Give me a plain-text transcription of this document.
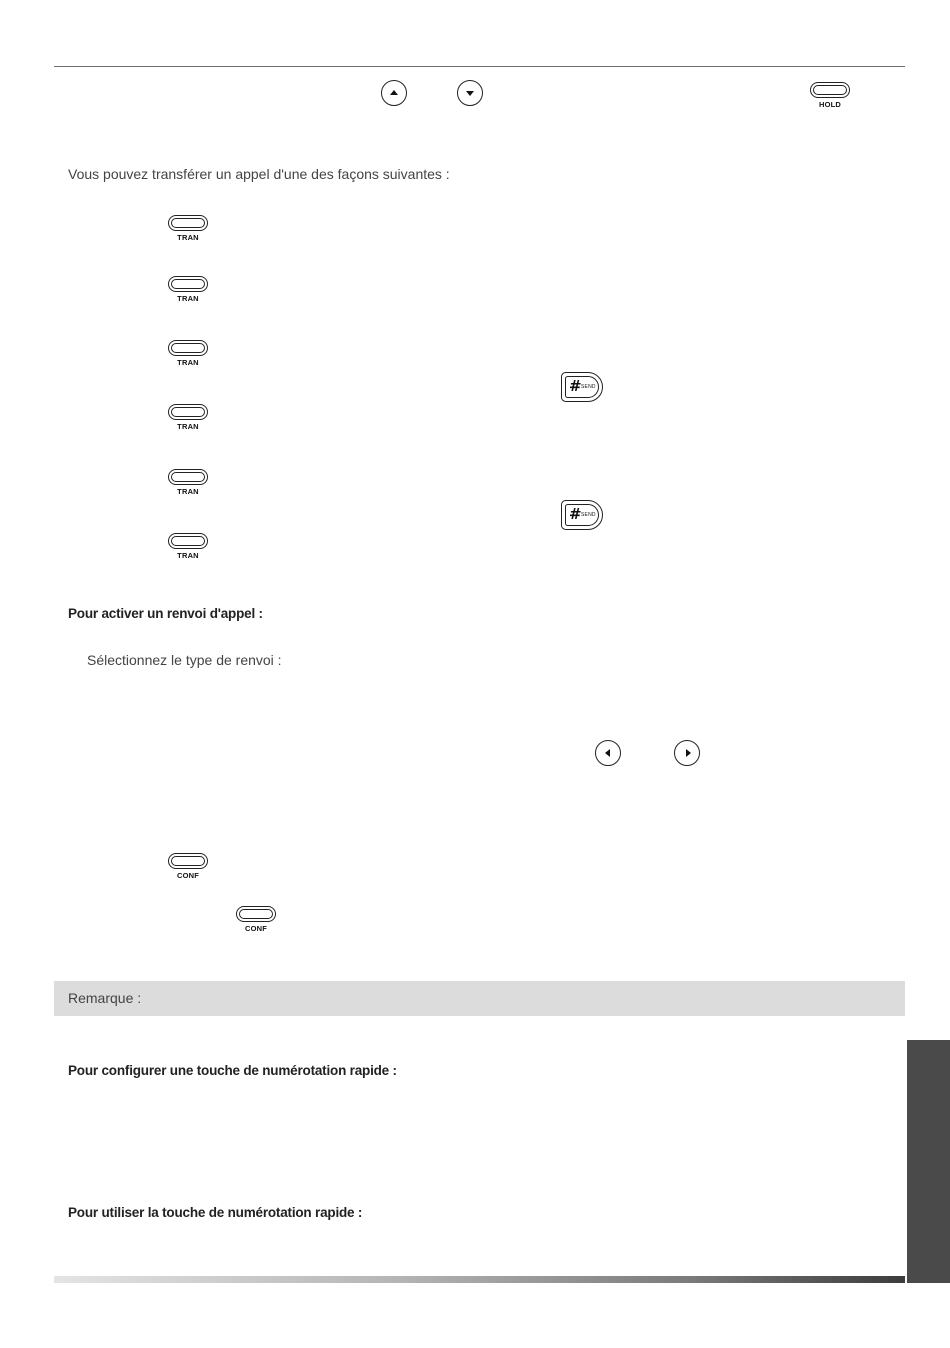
HOLD
Vous pouvez transférer un appel d'une des façons suivantes :
TRAN
TRAN
TRAN
TRAN
TRAN
TRAN
# SEND
# SEND
Pour activer un renvoi d'appel :
Sélectionnez le type de renvoi :
CONF
CONF
Remarque :
Pour configurer une touche de numérotation rapide :
Pour utiliser la touche de numérotation rapide :
